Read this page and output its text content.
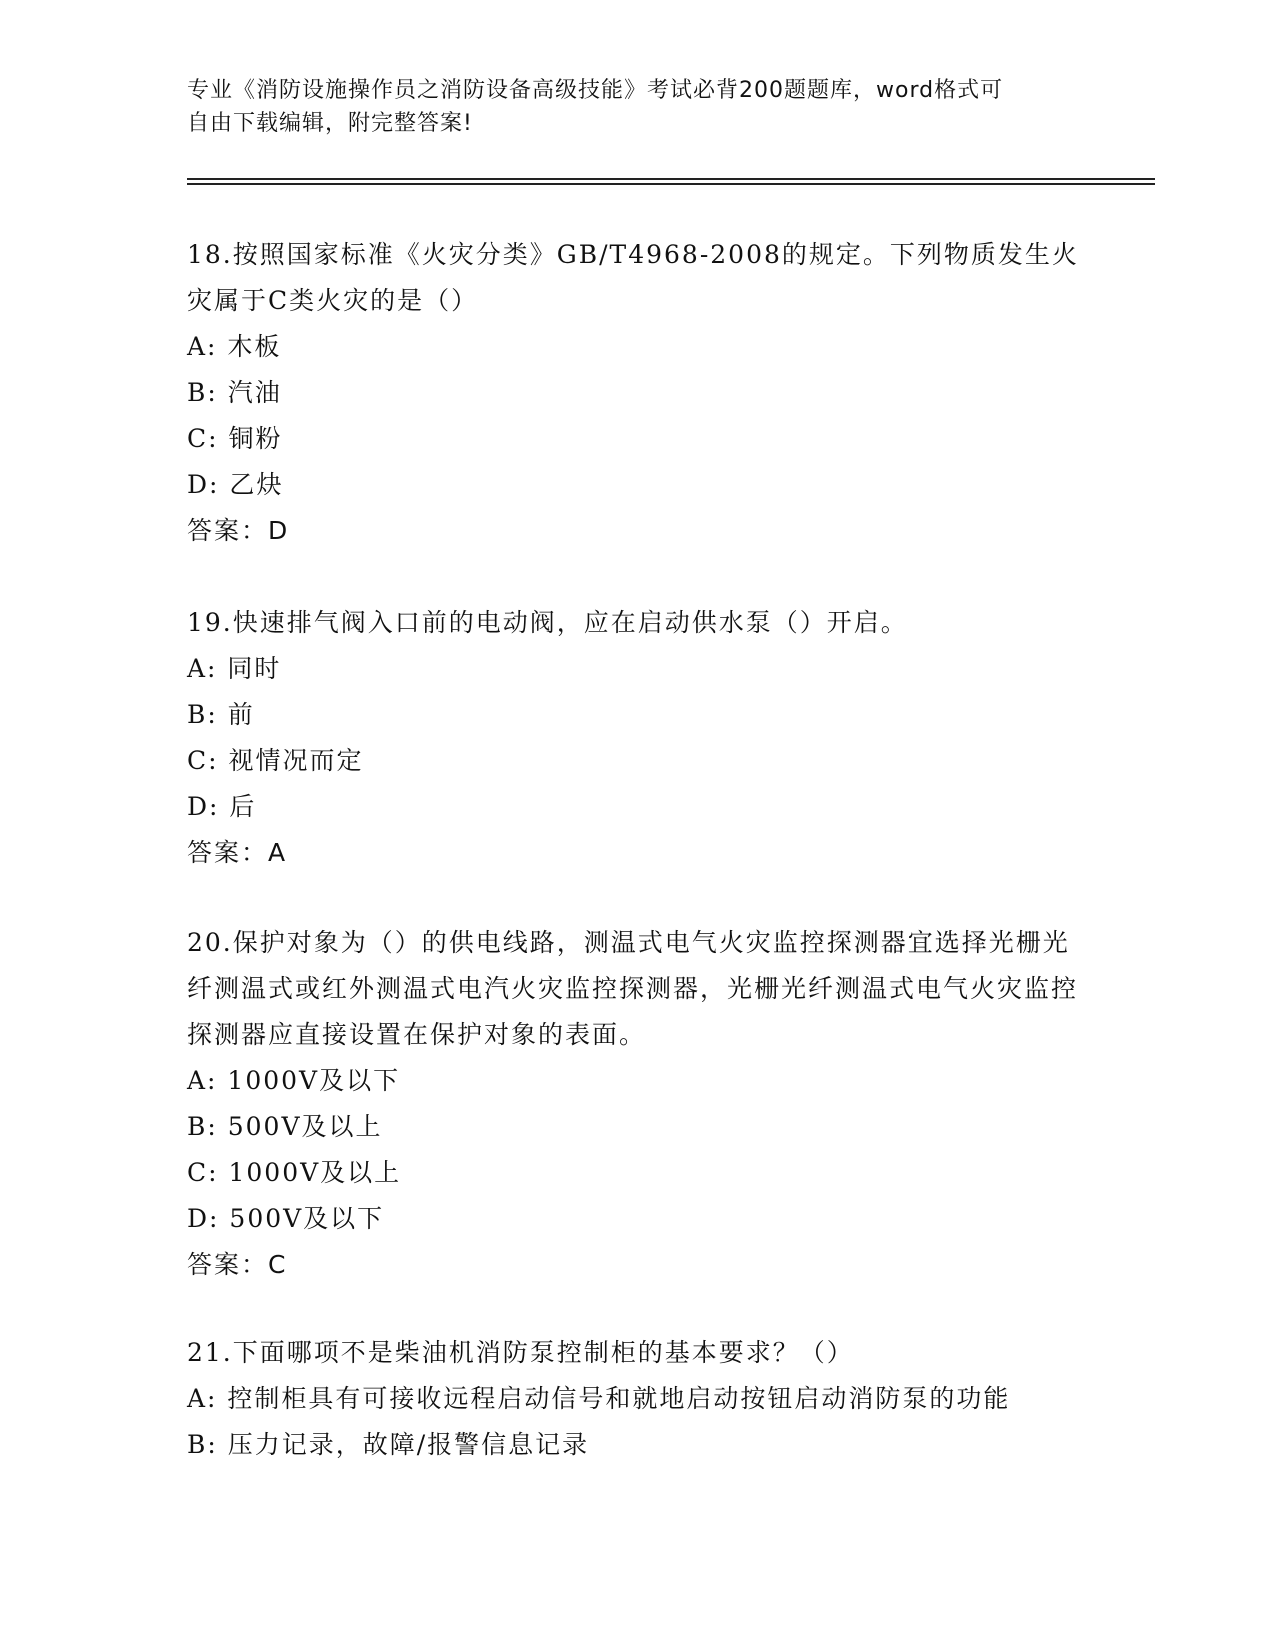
专业《消防设施操作员之消防设备高级技能》考试必背200题题库，word格式可
自由下载编辑，附完整答案!

18.按照国家标准《火灾分类》GB/T4968-2008的规定。下列物质发生火灾属于C类火灾的是（）

A: 木板

B: 汽油

C: 铜粉

D: 乙炔

答案：D

19.快速排气阀入口前的电动阀，应在启动供水泵（）开启。

A: 同时

B: 前

C: 视情况而定

D: 后

答案：A

20.保护对象为（）的供电线路，测温式电气火灾监控探测器宜选择光栅光纤测温式或红外测温式电汽火灾监控探测器，光栅光纤测温式电气火灾监控探测器应直接设置在保护对象的表面。

A: 1000V及以下

B: 500V及以上

C: 1000V及以上

D: 500V及以下

答案：C

21.下面哪项不是柴油机消防泵控制柜的基本要求？（）

A: 控制柜具有可接收远程启动信号和就地启动按钮启动消防泵的功能

B: 压力记录，故障/报警信息记录
